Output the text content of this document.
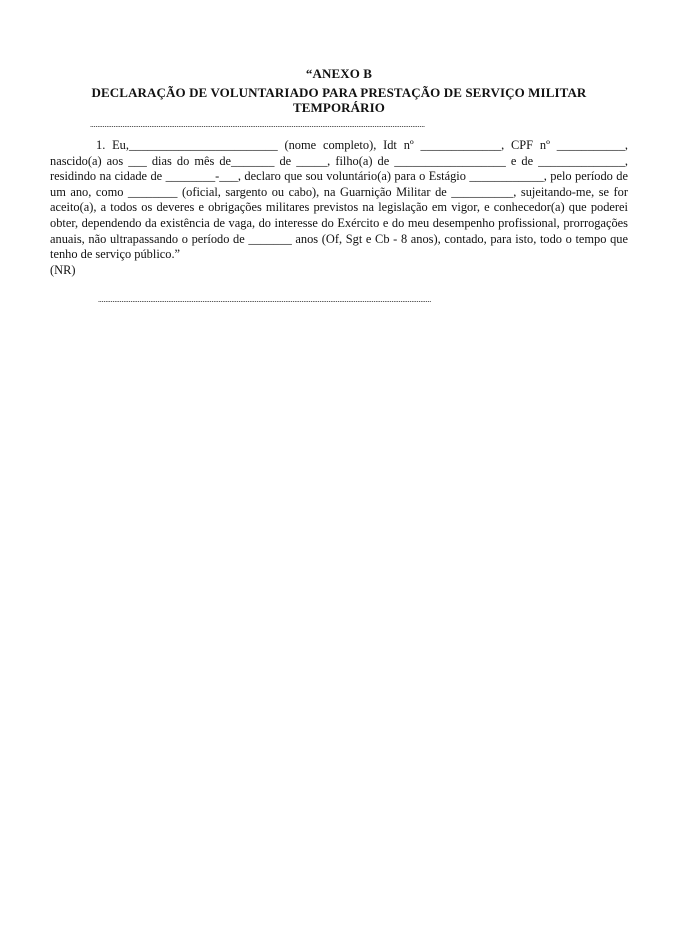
“ANEXO B
DECLARAÇÃO DE VOLUNTARIADO PARA PRESTAÇÃO DE SERVIÇO MILITAR TEMPORÁRIO
..........................................................................................................................................................................................

1. Eu,________________________ (nome completo), Idt nº _____________, CPF nº ___________, nascido(a) aos ___ dias do mês de_______ de _____, filho(a) de __________________ e de ______________, residindo na cidade de ________-___, declaro que sou voluntário(a) para o Estágio ____________, pelo período de um ano, como ________ (oficial, sargento ou cabo), na Guarnição Militar de __________, sujeitando-me, se for aceito(a), a todos os deveres e obrigações militares previstos na legislação em vigor, e conhecedor(a) que poderei obter, dependendo da existência de vaga, do interesse do Exército e do meu desempenho profissional, prorrogações anuais, não ultrapassando o período de _______ anos (Of, Sgt e Cb - 8 anos), contado, para isto, todo o tempo que tenho de serviço público.”

(NR)
.........................................................................................................................................................................................
